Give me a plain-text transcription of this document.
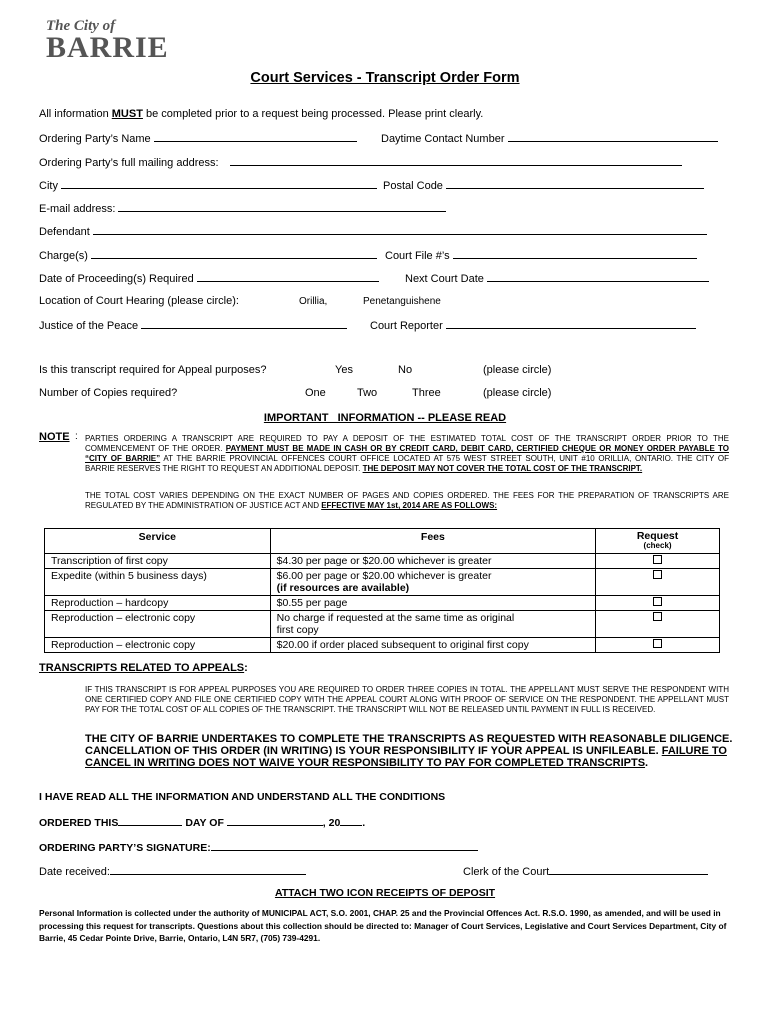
The City of
BARRIE
Court Services - Transcript Order Form
All information MUST be completed prior to a request being processed. Please print clearly.
Ordering Party’s Name	Daytime Contact Number
Ordering Party’s full mailing address:
City	Postal Code
E-mail address:
Defendant
Charge(s)	Court File #’s
Date of Proceeding(s) Required	Next Court Date
Location of Court Hearing (please circle):	Orillia,	Penetanguishene
Justice of the Peace	Court Reporter
Is this transcript required for Appeal purposes?	Yes	No	(please circle)
Number of Copies required?	One	Two	Three	(please circle)
IMPORTANT   INFORMATION -- PLEASE READ
NOTE : PARTIES ORDERING A TRANSCRIPT ARE REQUIRED TO PAY A DEPOSIT OF THE ESTIMATED TOTAL COST OF THE TRANSCRIPT ORDER PRIOR TO THE COMMENCEMENT OF THE ORDER. PAYMENT MUST BE MADE IN CASH OR BY CREDIT CARD, DEBIT CARD, CERTIFIED CHEQUE OR MONEY ORDER PAYABLE TO “CITY OF BARRIE” AT THE BARRIE PROVINCIAL OFFENCES COURT OFFICE LOCATED AT 575 WEST STREET SOUTH, UNIT #10 ORILLIA, ONTARIO. THE CITY OF BARRIE RESERVES THE RIGHT TO REQUEST AN ADDITIONAL DEPOSIT. THE DEPOSIT MAY NOT COVER THE TOTAL COST OF THE TRANSCRIPT.
THE TOTAL COST VARIES DEPENDING ON THE EXACT NUMBER OF PAGES AND COPIES ORDERED. THE FEES FOR THE PREPARATION OF TRANSCRIPTS ARE REGULATED BY THE ADMINISTRATION OF JUSTICE ACT AND EFFECTIVE MAY 1st, 2014 ARE AS FOLLOWS:
Service	Fees	Request
(check)

Transcription of first copy	$4.30 per page or $20.00 whichever is greater	
Expedite (within 5 business days)	$6.00 per page or $20.00 whichever is greater
(if resources are available)	

Reproduction – hardcopy	$0.55 per page	
Reproduction – electronic copy	No charge if requested at the same time as original
first copy	

Reproduction – electronic copy	$20.00 if order placed subsequent to original first copy	
TRANSCRIPTS RELATED TO APPEALS:
IF THIS TRANSCRIPT IS FOR APPEAL PURPOSES YOU ARE REQUIRED TO ORDER THREE COPIES IN TOTAL. THE APPELLANT MUST SERVE THE RESPONDENT WITH ONE CERTIFIED COPY AND FILE ONE CERTIFIED COPY WITH THE APPEAL COURT ALONG WITH PROOF OF SERVICE ON THE RESPONDENT. THE APPELLANT MUST PAY FOR THE TOTAL COST OF ALL COPIES OF THE TRANSCRIPT. THE TRANSCRIPT WILL NOT BE RELEASED UNTIL PAYMENT IN FULL IS RECEIVED.
THE CITY OF BARRIE UNDERTAKES TO COMPLETE THE TRANSCRIPTS AS REQUESTED WITH REASONABLE DILIGENCE. CANCELLATION OF THIS ORDER (IN WRITING) IS YOUR RESPONSIBILITY IF YOUR APPEAL IS UNFILEABLE. FAILURE TO CANCEL IN WRITING DOES NOT WAIVE YOUR RESPONSIBILITY TO PAY FOR COMPLETED TRANSCRIPTS.
I HAVE READ ALL THE INFORMATION AND UNDERSTAND ALL THE CONDITIONS
ORDERED THIS	DAY OF	, 20 .
ORDERING PARTY’S SIGNATURE:
Date received:	Clerk of the Court
ATTACH TWO ICON RECEIPTS OF DEPOSIT
Personal Information is collected under the authority of MUNICIPAL ACT, S.O. 2001, CHAP. 25 and the Provincial Offences Act. R.S.O. 1990, as amended, and will be used in processing this request for transcripts. Questions about this collection should be directed to: Manager of Court Services, Legislative and Court Services Department, City of Barrie, 45 Cedar Pointe Drive, Barrie, Ontario, L4N 5R7, (705) 739-4291.
